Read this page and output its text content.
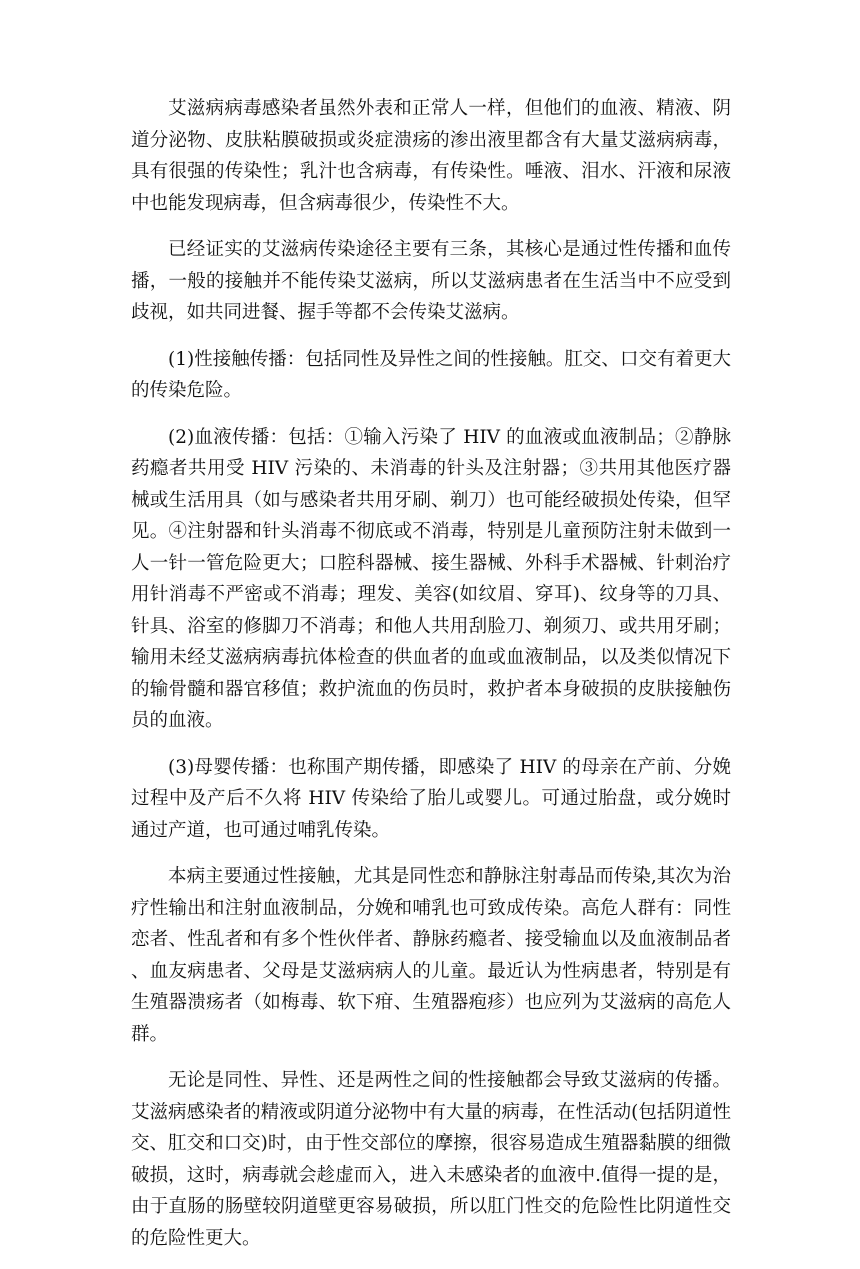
艾滋病病毒感染者虽然外表和正常人一样，但他们的血液、精液、阴道分泌物、皮肤粘膜破损或炎症溃疡的渗出液里都含有大量艾滋病病毒，具有很强的传染性；乳汁也含病毒，有传染性。唾液、泪水、汗液和尿液中也能发现病毒，但含病毒很少，传染性不大。

已经证实的艾滋病传染途径主要有三条，其核心是通过性传播和血传播，一般的接触并不能传染艾滋病，所以艾滋病患者在生活当中不应受到歧视，如共同进餐、握手等都不会传染艾滋病。

(1)性接触传播：包括同性及异性之间的性接触。肛交、口交有着更大的传染危险。

(2)血液传播：包括：①输入污染了 HIV 的血液或血液制品；②静脉药瘾者共用受 HIV 污染的、未消毒的针头及注射器；③共用其他医疗器械或生活用具（如与感染者共用牙刷、剃刀）也可能经破损处传染，但罕见。④注射器和针头消毒不彻底或不消毒，特别是儿童预防注射未做到一人一针一管危险更大；口腔科器械、接生器械、外科手术器械、针刺治疗用针消毒不严密或不消毒；理发、美容(如纹眉、穿耳)、纹身等的刀具、针具、浴室的修脚刀不消毒；和他人共用刮脸刀、剃须刀、或共用牙刷；输用未经艾滋病病毒抗体检查的供血者的血或血液制品，以及类似情况下的输骨髓和器官移值；救护流血的伤员时，救护者本身破损的皮肤接触伤员的血液。

(3)母婴传播：也称围产期传播，即感染了 HIV 的母亲在产前、分娩过程中及产后不久将 HIV 传染给了胎儿或婴儿。可通过胎盘，或分娩时通过产道，也可通过哺乳传染。

本病主要通过性接触，尤其是同性恋和静脉注射毒品而传染,其次为治疗性输出和注射血液制品，分娩和哺乳也可致成传染。高危人群有：同性恋者、性乱者和有多个性伙伴者、静脉药瘾者、接受输血以及血液制品者、血友病患者、父母是艾滋病病人的儿童。最近认为性病患者，特别是有生殖器溃疡者（如梅毒、软下疳、生殖器疱疹）也应列为艾滋病的高危人群。

无论是同性、异性、还是两性之间的性接触都会导致艾滋病的传播。艾滋病感染者的精液或阴道分泌物中有大量的病毒，在性活动(包括阴道性交、肛交和口交)时，由于性交部位的摩擦，很容易造成生殖器黏膜的细微破损，这时，病毒就会趁虚而入，进入未感染者的血液中.值得一提的是，由于直肠的肠壁较阴道壁更容易破损，所以肛门性交的危险性比阴道性交的危险性更大。
